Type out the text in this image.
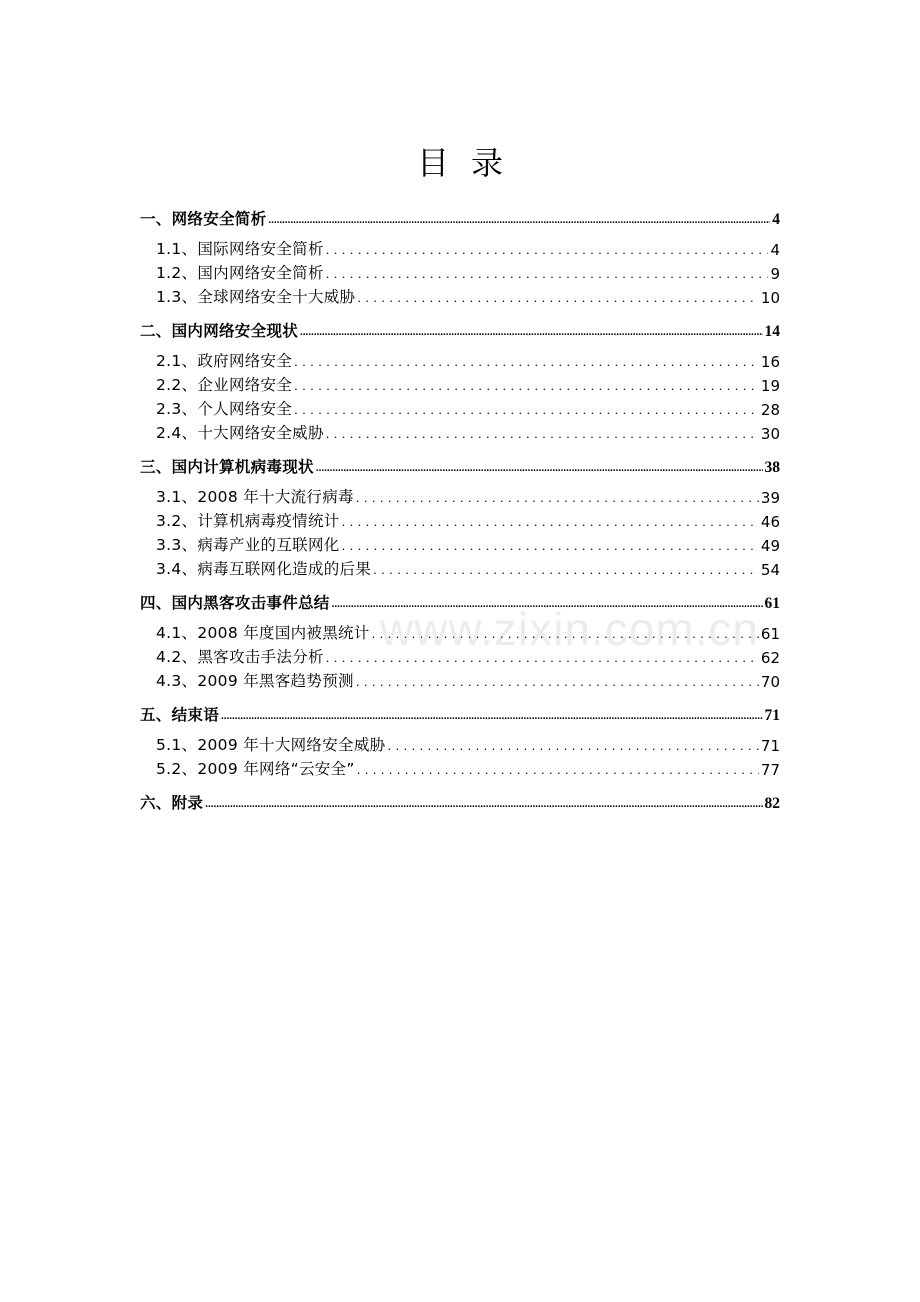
目录
一、网络安全简析 .....	4
1.1、国际网络安全简析 .....	4
1.2、国内网络安全简析 .....	9
1.3、全球网络安全十大威胁 .....	10
二、国内网络安全现状 .....	14
2.1、政府网络安全 .....	16
2.2、企业网络安全 .....	19
2.3、个人网络安全 .....	28
2.4、十大网络安全威胁 .....	30
三、国内计算机病毒现状 .....	38
3.1、2008 年十大流行病毒 .....	39
3.2、计算机病毒疫情统计 .....	46
3.3、病毒产业的互联网化 .....	49
3.4、病毒互联网化造成的后果 .....	54
四、国内黑客攻击事件总结 .....	61
4.1、2008 年度国内被黑统计 .....	61
4.2、黑客攻击手法分析 .....	62
4.3、2009 年黑客趋势预测 .....	70
五、结束语 .....	71
5.1、2009 年十大网络安全威胁 .....	71
5.2、2009 年网络“云安全” .....	77
六、附录 .....	82
www.zixin.com.cn
